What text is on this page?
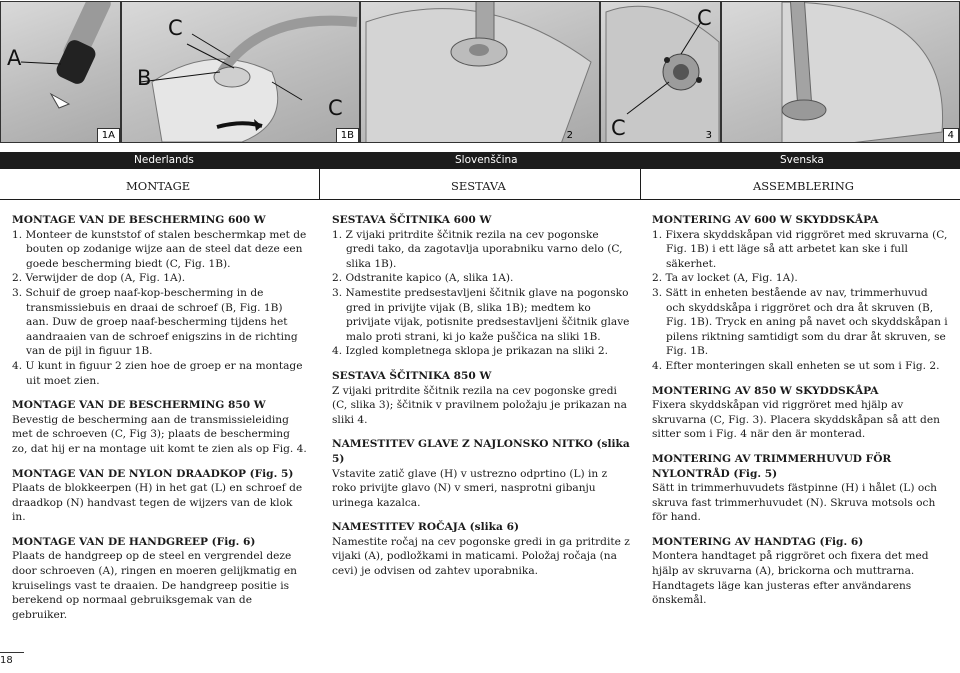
A
1A
C
B
C
1B	2
C
C	3	4
Nederlands	Slovenščina	Svenska
MONTAGE	SESTAVA	ASSEMBLERING
MONTAGE VAN DE BESCHERMING 600 W

1. Monteer de kunststof of stalen beschermkap met de bouten op zodanige wijze aan de steel dat deze een goede bescherming biedt (C, Fig. 1B).

2. Verwijder de dop (A, Fig. 1A).

3. Schuif de groep naaf-kop-bescherming in de transmissiebuis en draai de schroef (B, Fig. 1B) aan. Duw de groep naaf-bescherming tijdens het aandraaien van de schroef enigszins in de richting van de pijl in figuur 1B.

4. U kunt in figuur 2 zien hoe de groep er na montage uit moet zien.

MONTAGE VAN DE BESCHERMING 850 W

Bevestig de bescherming aan de transmissieleiding met de schroeven (C, Fig 3); plaats de bescherming zo, dat hij er na montage uit komt te zien als op Fig. 4.

MONTAGE VAN DE NYLON DRAADKOP (Fig. 5)

Plaats de blokkeerpen (H) in het gat (L) en schroef de draadkop (N) handvast tegen de wijzers van de klok in.

MONTAGE VAN DE HANDGREEP (Fig. 6)

Plaats de handgreep op de steel en vergrendel deze door schroeven (A), ringen en moeren gelijkmatig en kruiselings vast te draaien. De handgreep positie is berekend op normaal gebruiksgemak van de gebruiker.

SESTAVA ŠČITNIKA 600 W

1. Z vijaki pritrdite ščitnik rezila na cev pogonske gredi tako, da zagotavlja uporabniku varno delo (C, slika 1B).

2. Odstranite kapico (A, slika 1A).

3. Namestite predsestavljeni ščitnik glave na pogonsko gred in privijte vijak (B, slika 1B); medtem ko privijate vijak, potisnite predsestavljeni ščitnik glave malo proti strani, ki jo kaže puščica na sliki 1B.

4. Izgled kompletnega sklopa je prikazan na sliki 2.

SESTAVA ŠČITNIKA 850 W

Z vijaki pritrdite ščitnik rezila na cev pogonske gredi (C, slika 3); ščitnik v pravilnem položaju je prikazan na sliki 4.

NAMESTITEV GLAVE Z NAJLONSKO NITKO (slika 5)

Vstavite zatič glave (H) v ustrezno odprtino (L) in z roko privijte glavo (N) v smeri, nasprotni gibanju urinega kazalca.

NAMESTITEV ROČAJA (slika 6)

Namestite ročaj na cev pogonske gredi in ga pritrdite z vijaki (A), podložkami in maticami. Položaj ročaja (na cevi) je odvisen od zahtev uporabnika.

MONTERING AV 600 W SKYDDSKÅPA

1. Fixera skyddskåpan vid riggröret med skruvarna (C, Fig. 1B) i ett läge så att arbetet kan ske i full säkerhet.

2. Ta av locket (A, Fig. 1A).

3. Sätt in enheten bestående av nav, trimmerhuvud och skyddskåpa i riggröret och dra åt skruven (B, Fig. 1B). Tryck en aning på navet och skyddskåpan i pilens riktning samtidigt som du drar åt skruven, se Fig. 1B.

4. Efter monteringen skall enheten se ut som i Fig. 2.

MONTERING AV 850 W SKYDDSKÅPA

Fixera skyddskåpan vid riggröret med hjälp av skruvarna (C, Fig. 3). Placera skyddskåpan så att den sitter som i Fig. 4 när den är monterad.

MONTERING AV TRIMMERHUVUD FÖR NYLONTRÅD (Fig. 5)

Sätt in trimmerhuvudets fästpinne (H) i hålet (L) och skruva fast trimmerhuvudet (N). Skruva motsols och för hand.

MONTERING AV HANDTAG (Fig. 6)

Montera handtaget på riggröret och fixera det med hjälp av skruvarna (A), brickorna och muttrarna. Handtagets läge kan justeras efter användarens önskemål.

18
